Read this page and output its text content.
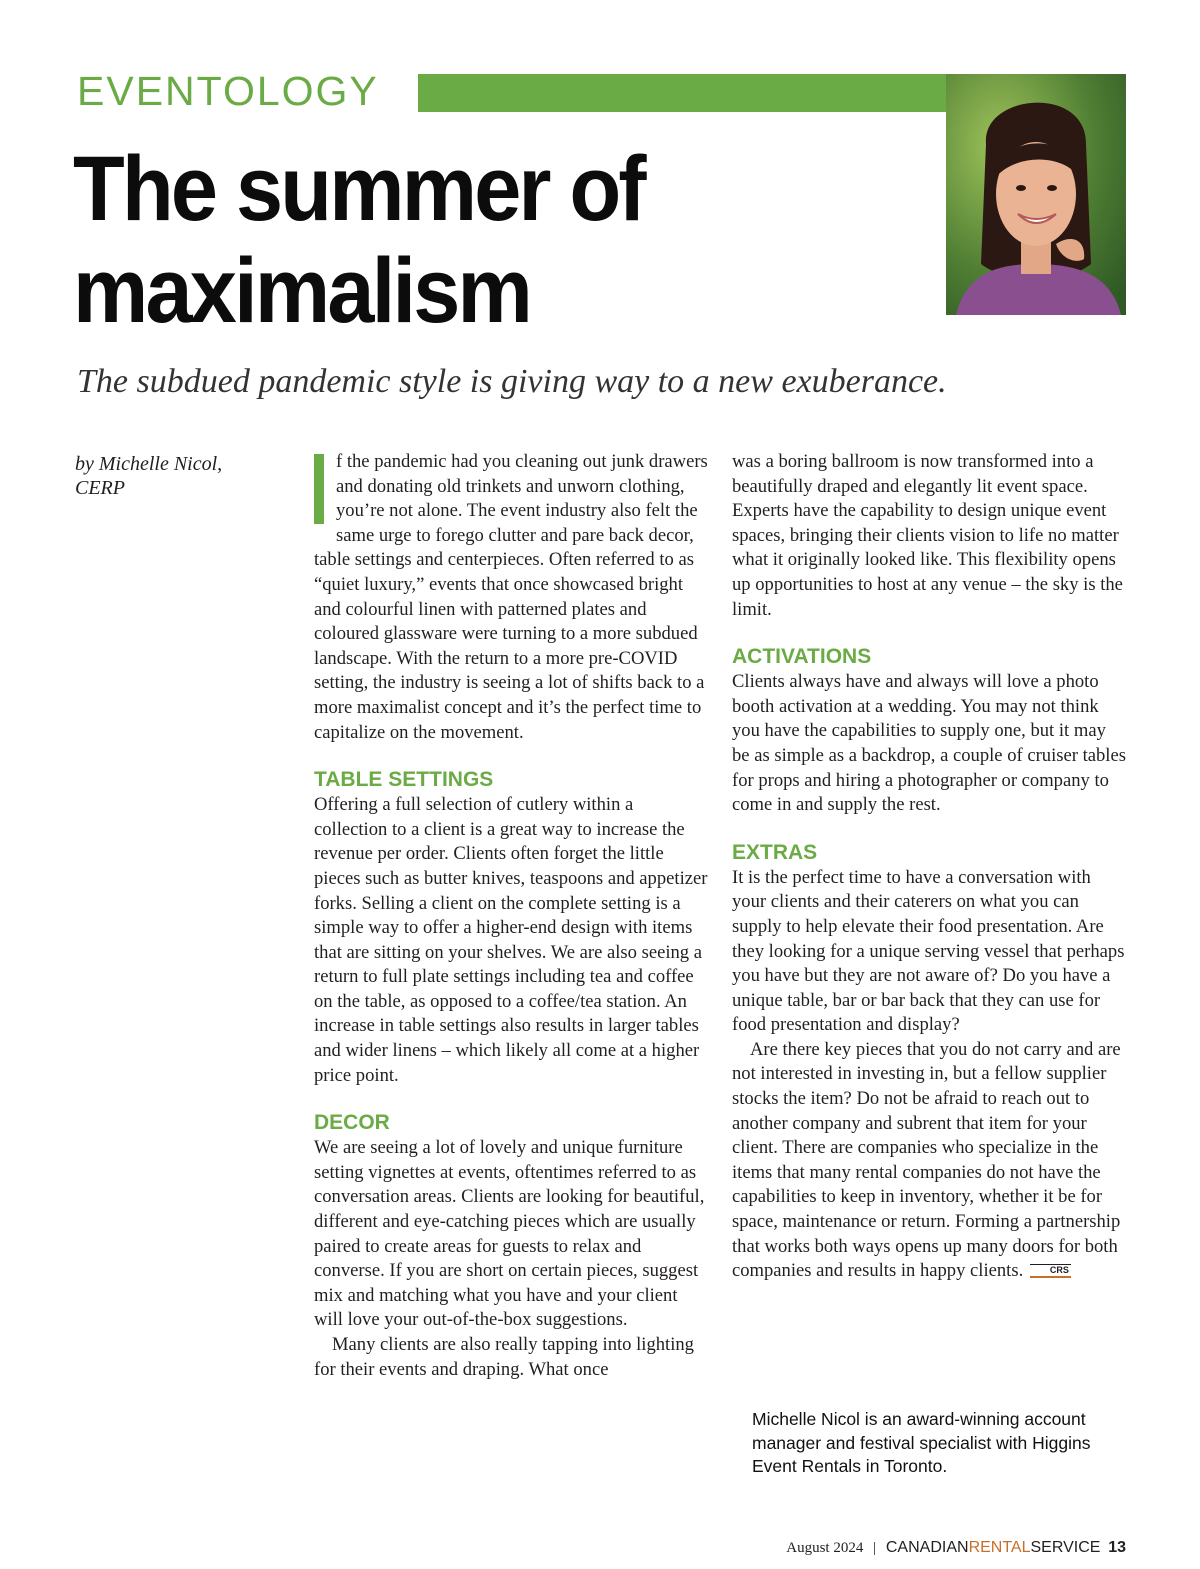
EVENTOLOGY
The summer of
maximalism

The subdued pandemic style is giving way to a new exuberance.

by Michelle Nicol,
CERP

f the pandemic had you cleaning out junk drawers and donating old trinkets and unworn clothing, you’re not alone. The event industry also felt the same urge to forego clutter and pare back decor, table settings and centerpieces. Often referred to as “quiet luxury,” events that once showcased bright and colourful linen with patterned plates and coloured glassware were turning to a more subdued landscape. With the return to a more pre-COVID setting, the industry is seeing a lot of shifts back to a more maximalist concept and it’s the perfect time to capitalize on the movement.

TABLE SETTINGS

Offering a full selection of cutlery within a collection to a client is a great way to increase the revenue per order. Clients often forget the little pieces such as butter knives, teaspoons and appetizer forks. Selling a client on the complete setting is a simple way to offer a higher-end design with items that are sitting on your shelves. We are also seeing a return to full plate settings including tea and coffee on the table, as opposed to a coffee/tea station. An increase in table settings also results in larger tables and wider linens – which likely all come at a higher price point.

DECOR

We are seeing a lot of lovely and unique furniture setting vignettes at events, oftentimes referred to as conversation areas. Clients are looking for beautiful, different and eye-catching pieces which are usually paired to create areas for guests to relax and converse. If you are short on certain pieces, suggest mix and matching what you have and your client will love your out-of-the-box suggestions.

Many clients are also really tapping into lighting for their events and draping. What once

was a boring ballroom is now transformed into a beautifully draped and elegantly lit event space. Experts have the capability to design unique event spaces, bringing their clients vision to life no matter what it originally looked like. This flexibility opens up opportunities to host at any venue – the sky is the limit.

ACTIVATIONS

Clients always have and always will love a photo booth activation at a wedding. You may not think you have the capabilities to supply one, but it may be as simple as a backdrop, a couple of cruiser tables for props and hiring a photographer or company to come in and supply the rest.

EXTRAS

It is the perfect time to have a conversation with your clients and their caterers on what you can supply to help elevate their food presentation. Are they looking for a unique serving vessel that perhaps you have but they are not aware of? Do you have a unique table, bar or bar back that they can use for food presentation and display?

Are there key pieces that you do not carry and are not interested in investing in, but a fellow supplier stocks the item? Do not be afraid to reach out to another company and subrent that item for your client. There are companies who specialize in the items that many rental companies do not have the capabilities to keep in inventory, whether it be for space, maintenance or return. Forming a partnership that works both ways opens up many doors for both companies and results in happy clients.	CRS

Michelle Nicol is an award-winning account manager and festival specialist with Higgins Event Rentals in Toronto.
August 2024 | CANADIANRENTALSERVICE 13
